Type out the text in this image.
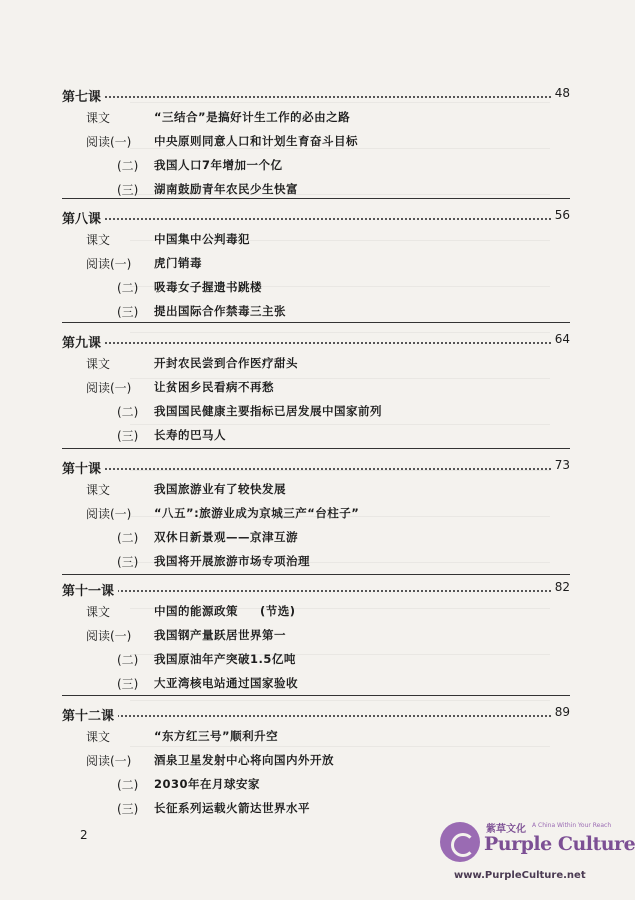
第七课	48
课文	“三结合”是搞好计生工作的必由之路
阅读(一) 中央原则同意人口和计划生育奋斗目标
(二) 我国人口7年增加一个亿
(三) 湖南鼓励青年农民少生快富
第八课	56
课文	中国集中公判毒犯
阅读(一) 虎门销毒
(二) 吸毒女子握遗书跳楼
(三) 提出国际合作禁毒三主张
第九课	64
课文	开封农民尝到合作医疗甜头
阅读(一) 让贫困乡民看病不再愁
(二) 我国国民健康主要指标已居发展中国家前列
(三) 长寿的巴马人
第十课	73
课文	我国旅游业有了较快发展
阅读(一) “八五”:旅游业成为京城三产“台柱子”
(二) 双休日新景观——京津互游
(三) 我国将开展旅游市场专项治理
第十一课	82
课文	中国的能源政策 (节选)
阅读(一) 我国钢产量跃居世界第一
(二) 我国原油年产突破1.5亿吨
(三) 大亚湾核电站通过国家验收
第十二课	89
课文	“东方红三号”顺利升空
阅读(一) 酒泉卫星发射中心将向国内外开放
(二) 2030年在月球安家
(三) 长征系列运载火箭达世界水平
2	紫草文化 A China Within Your Reach
Purple Culture
www.PurpleCulture.net
